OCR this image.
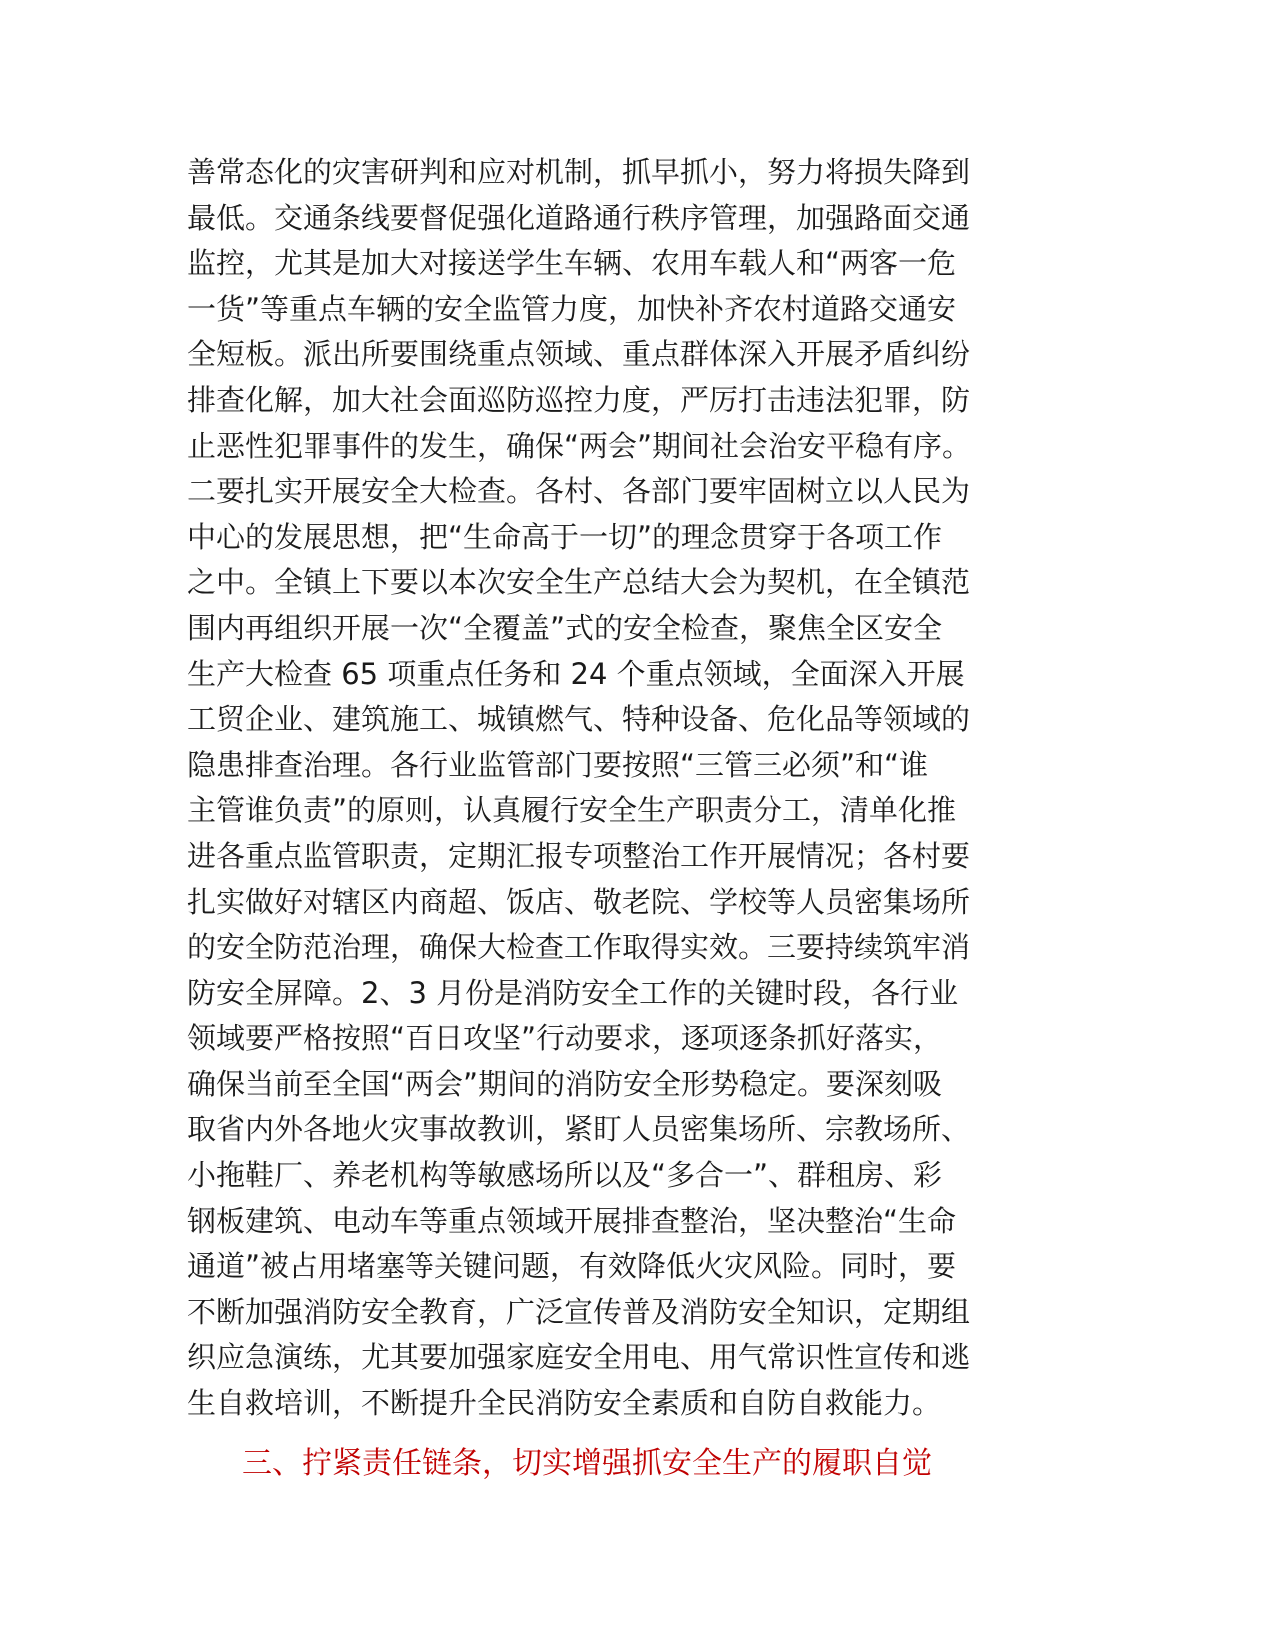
善常态化的灾害研判和应对机制，抓早抓小，努力将损失降到
最低。交通条线要督促强化道路通行秩序管理，加强路面交通
监控，尤其是加大对接送学生车辆、农用车载人和“两客一危
一货”等重点车辆的安全监管力度，加快补齐农村道路交通安
全短板。派出所要围绕重点领域、重点群体深入开展矛盾纠纷
排查化解，加大社会面巡防巡控力度，严厉打击违法犯罪，防
止恶性犯罪事件的发生，确保“两会”期间社会治安平稳有序。
二要扎实开展安全大检查。各村、各部门要牢固树立以人民为
中心的发展思想，把“生命高于一切”的理念贯穿于各项工作
之中。全镇上下要以本次安全生产总结大会为契机，在全镇范
围内再组织开展一次“全覆盖”式的安全检查，聚焦全区安全
生产大检查 65 项重点任务和 24 个重点领域，全面深入开展
工贸企业、建筑施工、城镇燃气、特种设备、危化品等领域的
隐患排查治理。各行业监管部门要按照“三管三必须”和“谁
主管谁负责”的原则，认真履行安全生产职责分工，清单化推
进各重点监管职责，定期汇报专项整治工作开展情况；各村要
扎实做好对辖区内商超、饭店、敬老院、学校等人员密集场所
的安全防范治理，确保大检查工作取得实效。三要持续筑牢消
防安全屏障。2、3 月份是消防安全工作的关键时段，各行业
领域要严格按照“百日攻坚”行动要求，逐项逐条抓好落实，
确保当前至全国“两会”期间的消防安全形势稳定。要深刻吸
取省内外各地火灾事故教训，紧盯人员密集场所、宗教场所、
小拖鞋厂、养老机构等敏感场所以及“多合一”、群租房、彩
钢板建筑、电动车等重点领域开展排查整治，坚决整治“生命
通道”被占用堵塞等关键问题，有效降低火灾风险。同时，要
不断加强消防安全教育，广泛宣传普及消防安全知识，定期组
织应急演练，尤其要加强家庭安全用电、用气常识性宣传和逃
生自救培训，不断提升全民消防安全素质和自防自救能力。
三、拧紧责任链条，切实增强抓安全生产的履职自觉
